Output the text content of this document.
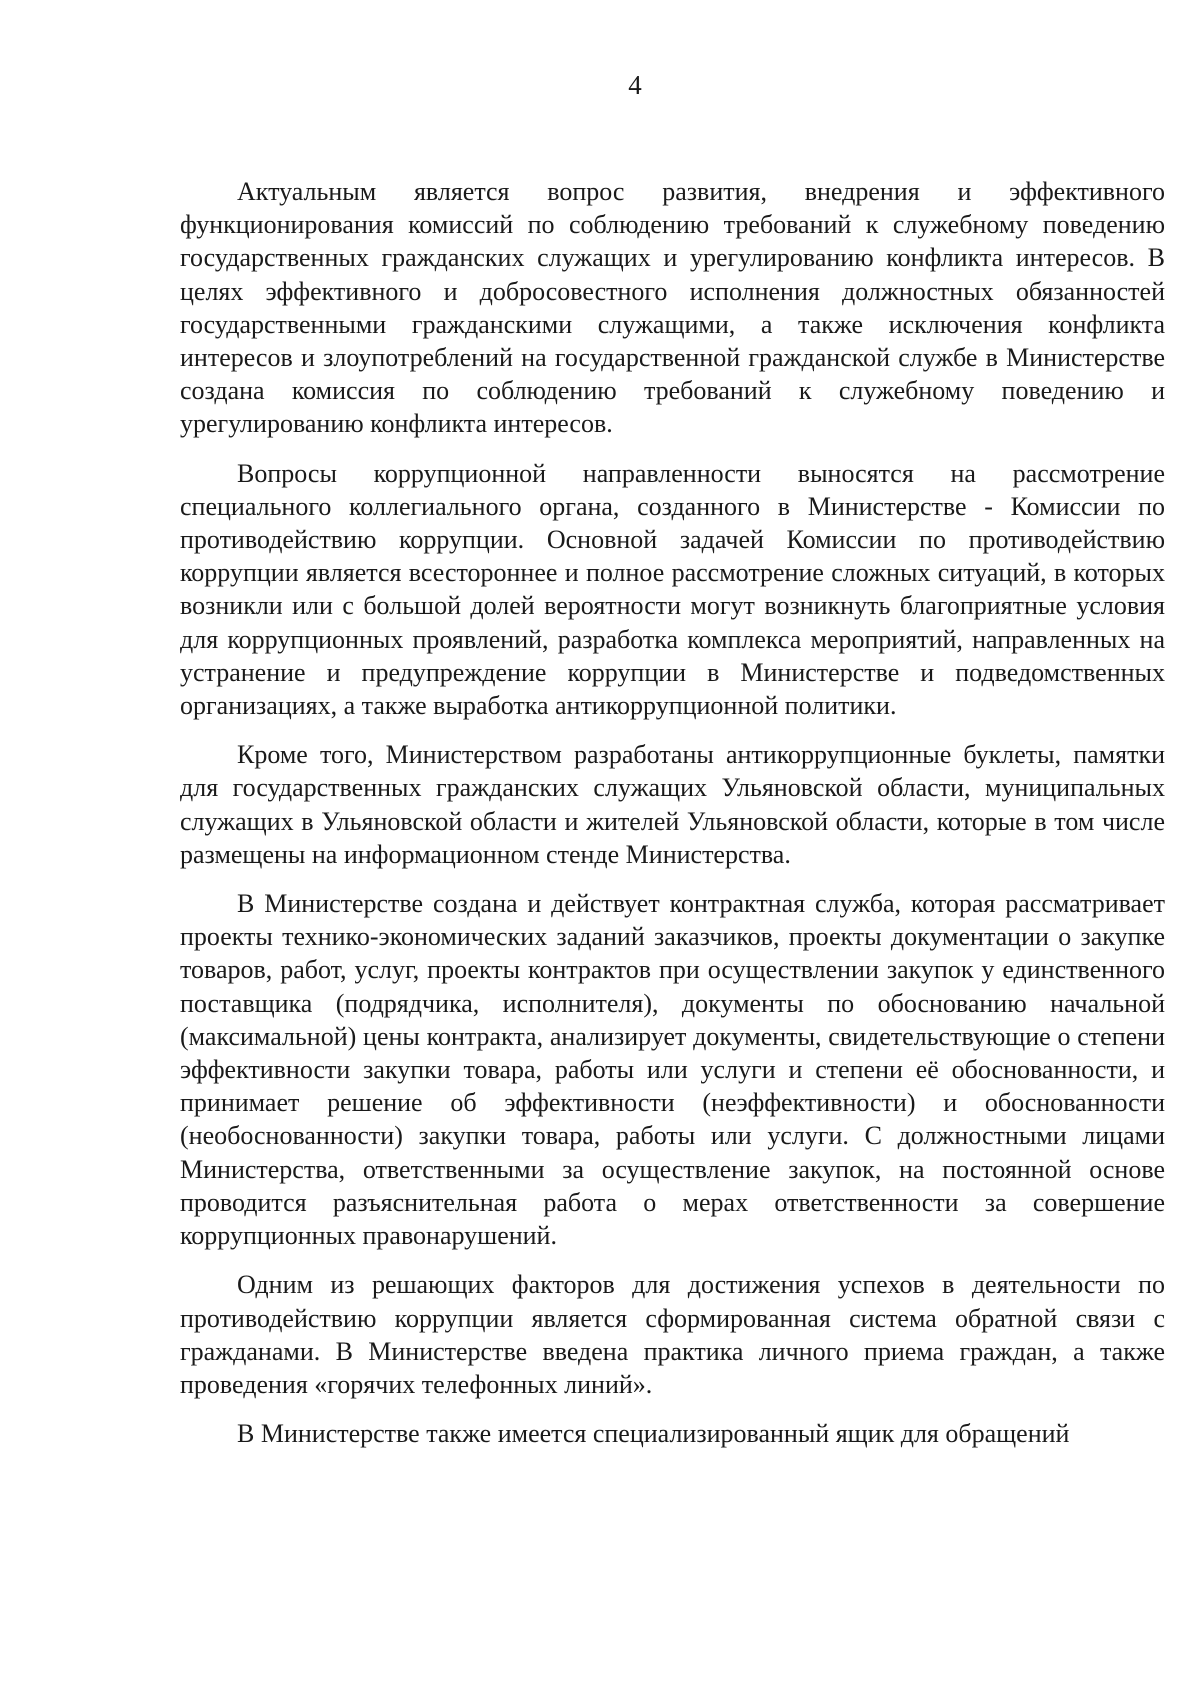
4

Актуальным является вопрос развития, внедрения и эффективного функционирования комиссий по соблюдению требований к служебному поведению государственных гражданских служащих и урегулированию конфликта интересов. В целях эффективного и добросовестного исполнения должностных обязанностей государственными гражданскими служащими, а также исключения конфликта интересов и злоупотреблений на государственной гражданской службе в Министерстве создана комиссия по соблюдению требований к служебному поведению и урегулированию конфликта интересов.

Вопросы коррупционной направленности выносятся на рассмотрение специального коллегиального органа, созданного в Министерстве - Комиссии по противодействию коррупции. Основной задачей Комиссии по противодействию коррупции является всестороннее и полное рассмотрение сложных ситуаций, в которых возникли или с большой долей вероятности могут возникнуть благоприятные условия для коррупционных проявлений, разработка комплекса мероприятий, направленных на устранение и предупреждение коррупции в Министерстве и подведомственных организациях, а также выработка антикоррупционной политики.

Кроме того, Министерством разработаны антикоррупционные буклеты, памятки для государственных гражданских служащих Ульяновской области, муниципальных служащих в Ульяновской области и жителей Ульяновской области, которые в том числе размещены на информационном стенде Министерства.

В Министерстве создана и действует контрактная служба, которая рассматривает проекты технико-экономических заданий заказчиков, проекты документации о закупке товаров, работ, услуг, проекты контрактов при осуществлении закупок у единственного поставщика (подрядчика, исполнителя), документы по обоснованию начальной (максимальной) цены контракта, анализирует документы, свидетельствующие о степени эффективности закупки товара, работы или услуги и степени её обоснованности, и принимает решение об эффективности (неэффективности) и обоснованности (необоснованности) закупки товара, работы или услуги. С должностными лицами Министерства, ответственными за осуществление закупок, на постоянной основе проводится разъяснительная работа о мерах ответственности за совершение коррупционных правонарушений.

Одним из решающих факторов для достижения успехов в деятельности по противодействию коррупции является сформированная система обратной связи с гражданами. В Министерстве введена практика личного приема граждан, а также проведения «горячих телефонных линий».

В Министерстве также имеется специализированный ящик для обращений
